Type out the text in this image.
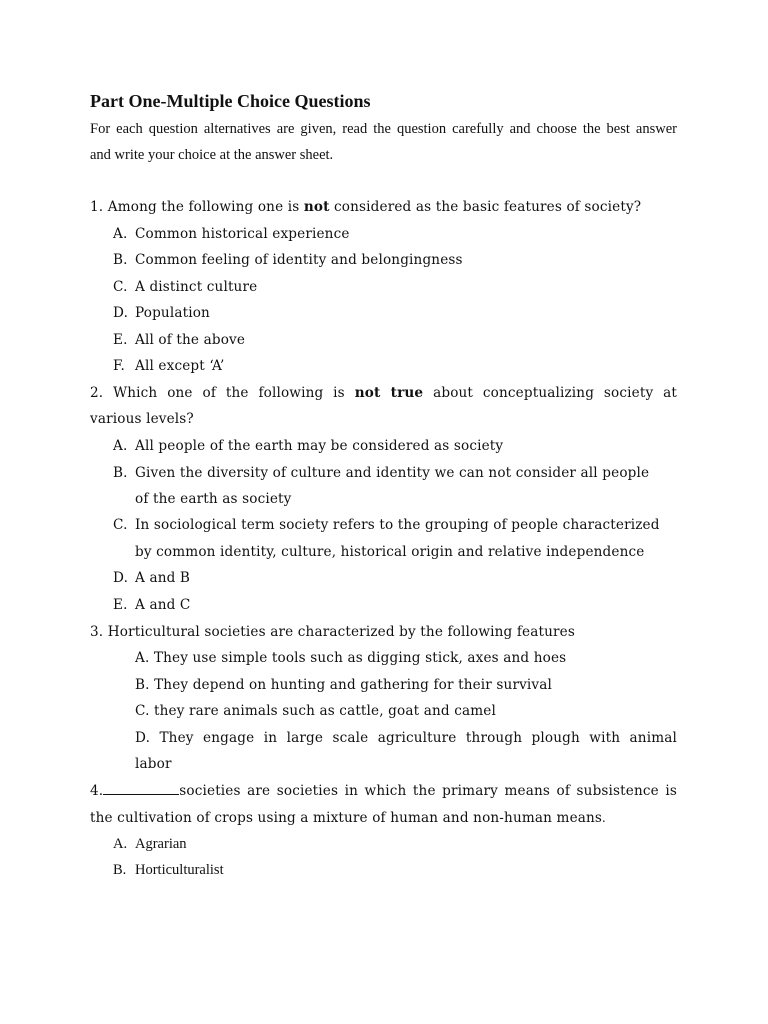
Part One-Multiple Choice Questions
For each question alternatives are given, read the question carefully and choose the best answer
and write your choice at the answer sheet.
1. Among the following one is not considered as the basic features of society?
A. Common historical experience
B. Common feeling of identity and belongingness
C. A distinct culture
D. Population
E. All of the above
F. All except ‘A’
2. Which one of the following is not true about conceptualizing society at
various levels?
A. All people of the earth may be considered as society
B. Given the diversity of culture and identity we can not consider all people
of the earth as society
C. In sociological term society refers to the grouping of people characterized
by common identity, culture, historical origin and relative independence
D. A and B
E. A and C
3. Horticultural societies are characterized by the following features
A. They use simple tools such as digging stick, axes and hoes
B. They depend on hunting and gathering for their survival
C. they rare animals such as cattle, goat and camel
D. They engage in large scale agriculture through plough with animal
labor
4.	societies are societies in which the primary means of subsistence is
the cultivation of crops using a mixture of human and non-human means.
A. Agrarian
B. Horticulturalist
